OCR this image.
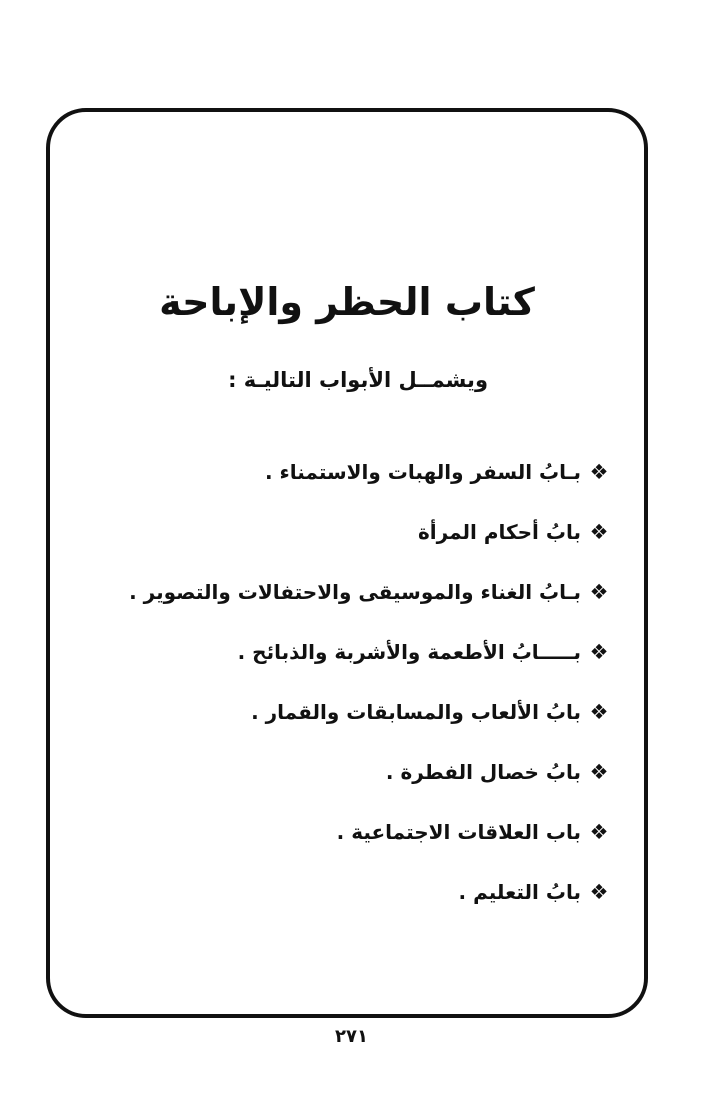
كتاب الحظر والإباحة
ويشمــل الأبواب التاليـة :
❖
بـابُ السفر والهبات والاستمناء .
❖
بابُ أحكام المرأة
❖
بـابُ الغناء والموسيقى والاحتفالات والتصوير .
❖
بـــــابُ الأطعمة والأشربة والذبائح .
❖
بابُ الألعاب والمسابقات والقمار .
❖
بابُ خصال الفطرة .
❖
باب العلاقات الاجتماعية .
❖
بابُ التعليم .
٢٧١
